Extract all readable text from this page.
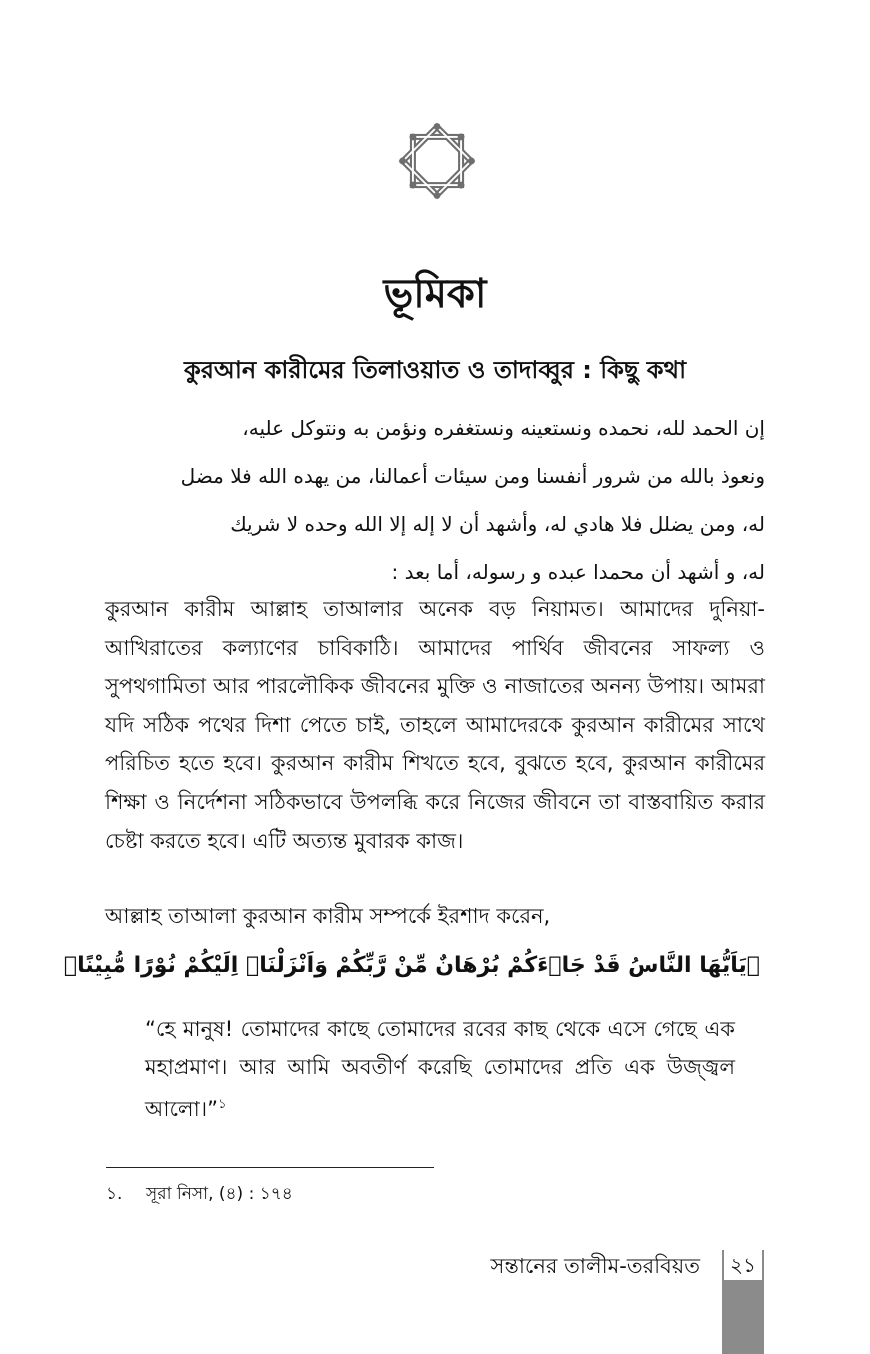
ভূমিকা
কুরআন কারীমের তিলাওয়াত ও তাদাব্বুর : কিছু কথা
إن الحمد لله، نحمده ونستعينه ونستغفره ونؤمن به ونتوكل عليه،
ونعوذ بالله من شرور أنفسنا ومن سيئات أعمالنا، من يهده الله فلا مضل
له، ومن يضلل فلا هادي له، وأشهد أن لا إله إلا الله وحده لا شريك
له، و أشهد أن محمدا عبده و رسوله، أما بعد :

কুরআন কারীম আল্লাহ তাআলার অনেক বড় নিয়ামত। আমাদের দুনিয়া-আখিরাতের কল্যাণের চাবিকাঠি। আমাদের পার্থিব জীবনের সাফল্য ও সুপথগামিতা আর পারলৌকিক জীবনের মুক্তি ও নাজাতের অনন্য উপায়। আমরা যদি সঠিক পথের দিশা পেতে চাই, তাহলে আমাদেরকে কুরআন কারীমের সাথে পরিচিত হতে হবে। কুরআন কারীম শিখতে হবে, বুঝতে হবে, কুরআন কারীমের শিক্ষা ও নির্দেশনা সঠিকভাবে উপলব্ধি করে নিজের জীবনে তা বাস্তবায়িত করার চেষ্টা করতে হবে। এটি অত্যন্ত মুবারক কাজ।

আল্লাহ তাআলা কুরআন কারীম সম্পর্কে ইরশাদ করেন,
﴿يَاَيُّهَا النَّاسُ قَدْ جَاۤءَكُمْ بُرْهَانٌ مِّنْ رَّبِّكُمْ وَاَنْزَلْنَاۤ اِلَيْكُمْ نُوْرًا مُّبِيْنًا﴾
“হে মানুষ! তোমাদের কাছে তোমাদের রবের কাছ থেকে এসে গেছে এক মহাপ্রমাণ। আর আমি অবতীর্ণ করেছি তোমাদের প্রতি এক উজ্জ্বল আলো।”$^১$
১. সূরা নিসা, (৪) : ১৭৪
সন্তানের তালীম-তরবিয়ত	২১
